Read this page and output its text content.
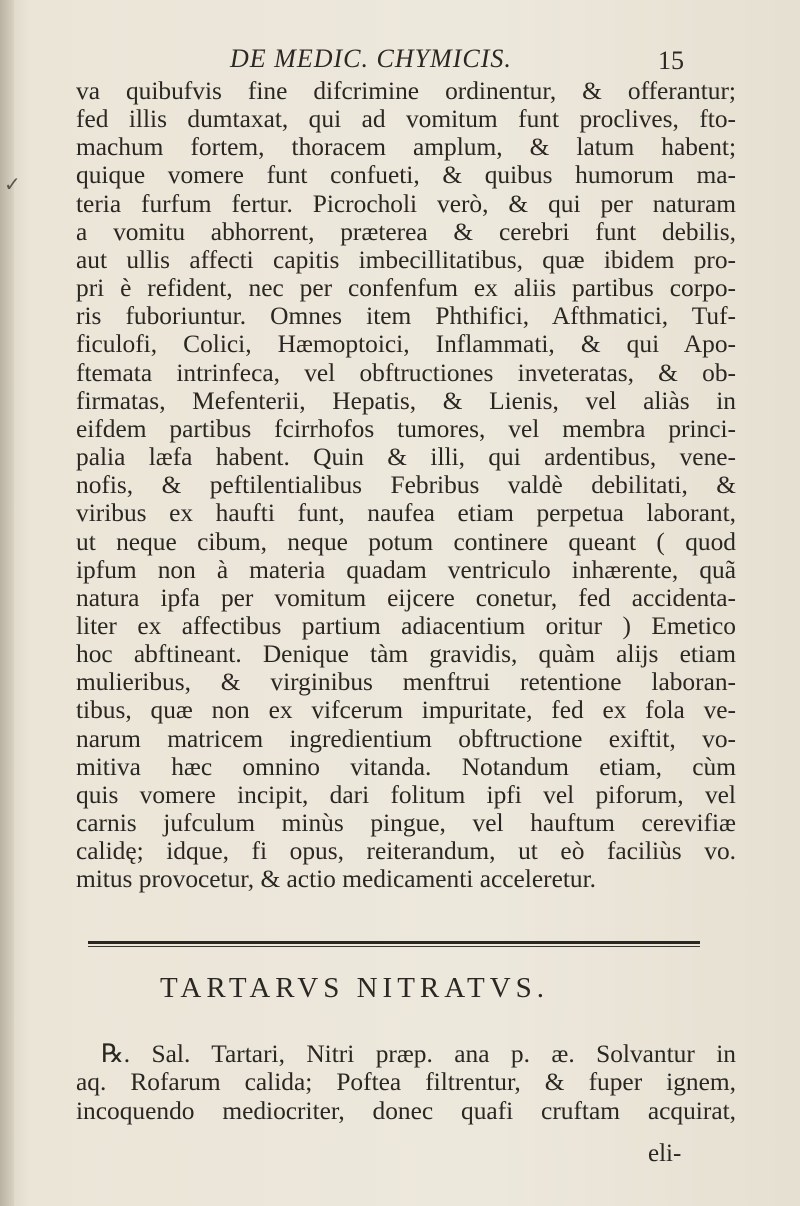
DE MEDIC. CHYMICIS.	15
✓
va quibufvis fine difcrimine ordinentur, & offerantur;
fed illis dumtaxat, qui ad vomitum funt proclives, fto-
machum fortem, thoracem amplum, & latum habent;
quique vomere funt confueti, & quibus humorum ma-
teria furfum fertur. Picrocholi verò, & qui per naturam
a vomitu abhorrent, præterea & cerebri funt debilis,
aut ullis affecti capitis imbecillitatibus, quæ ibidem pro-
pri è refident, nec per confenfum ex aliis partibus corpo-
ris fuboriuntur. Omnes item Phthifici, Afthmatici, Tuf-
ficulofi, Colici, Hæmoptoici, Inflammati, & qui Apo-
ftemata intrinfeca, vel obftructiones inveteratas, & ob-
firmatas, Mefenterii, Hepatis, & Lienis, vel aliàs in
eifdem partibus fcirrhofos tumores, vel membra princi-
palia læfa habent. Quin & illi, qui ardentibus, vene-
nofis, & peftilentialibus Febribus valdè debilitati, &
viribus ex haufti funt, naufea etiam perpetua laborant,
ut neque cibum, neque potum continere queant ( quod
ipfum non à materia quadam ventriculo inhærente, quã
natura ipfa per vomitum eijcere conetur, fed accidenta-
liter ex affectibus partium adiacentium oritur ) Emetico
hoc abftineant. Denique tàm gravidis, quàm alijs etiam
mulieribus, & virginibus menftrui retentione laboran-
tibus, quæ non ex vifcerum impuritate, fed ex fola ve-
narum matricem ingredientium obftructione exiftit, vo-
mitiva hæc omnino vitanda. Notandum etiam, cùm
quis vomere incipit, dari folitum ipfi vel piforum, vel
carnis jufculum minùs pingue, vel hauftum cerevifiæ
calidę; idque, fi opus, reiterandum, ut eò faciliùs vo.
mitus provocetur, & actio medicamenti acceleretur.
TARTARVS NITRATVS.
℞. Sal. Tartari, Nitri præp. ana p. æ. Solvantur in
aq. Rofarum calida; Poftea filtrentur, & fuper ignem,
incoquendo mediocriter, donec quafi cruftam acquirat,
eli-
